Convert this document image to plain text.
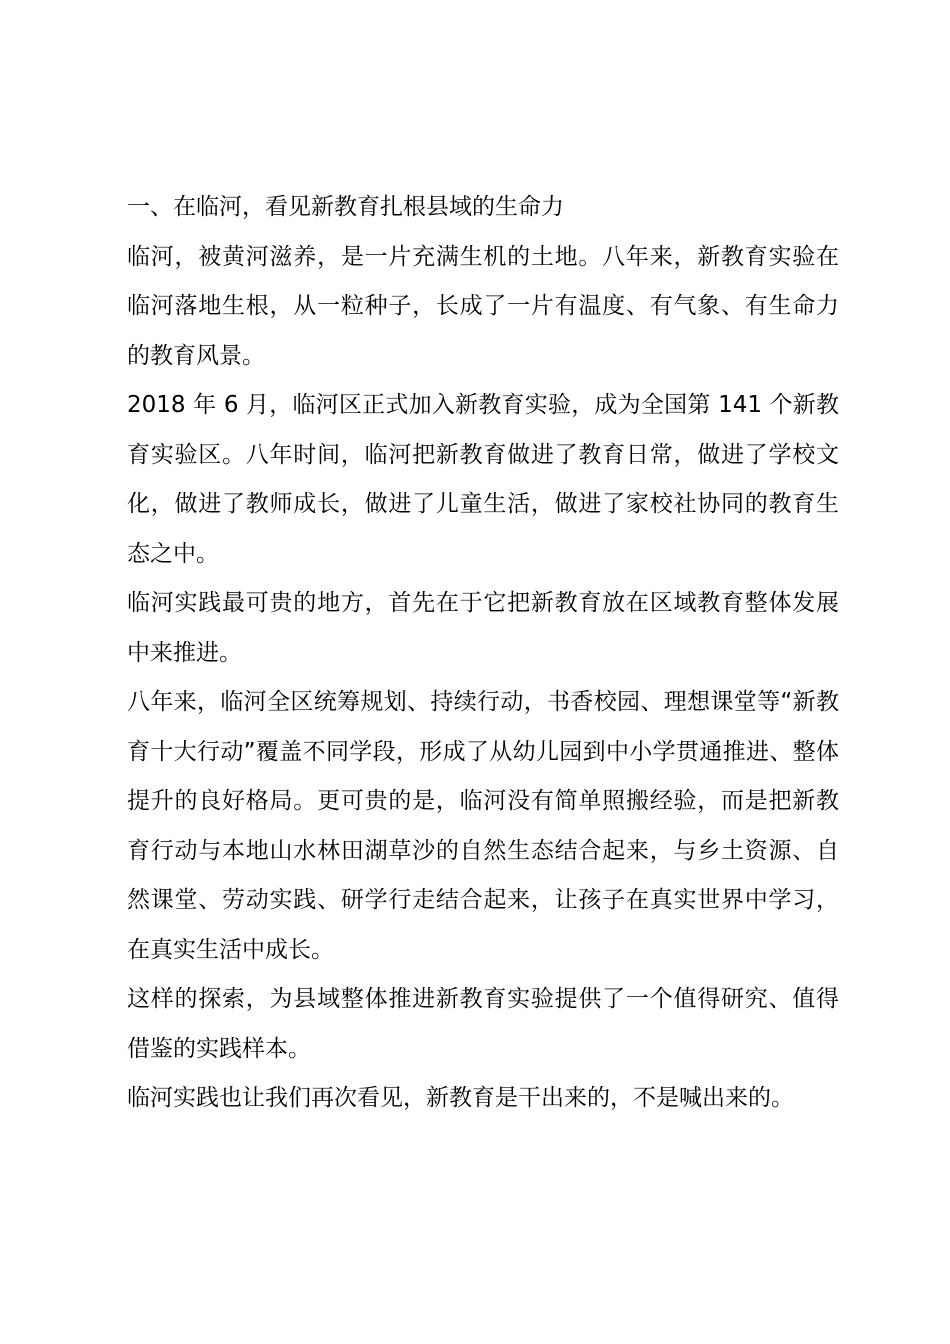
一、在临河，看见新教育扎根县域的生命力

临河，被黄河滋养，是一片充满生机的土地。八年来，新教育实验在临河落地生根，从一粒种子，长成了一片有温度、有气象、有生命力的教育风景。

2018 年 6 月，临河区正式加入新教育实验，成为全国第 141 个新教育实验区。八年时间，临河把新教育做进了教育日常，做进了学校文化，做进了教师成长，做进了儿童生活，做进了家校社协同的教育生态之中。

临河实践最可贵的地方，首先在于它把新教育放在区域教育整体发展中来推进。

八年来，临河全区统筹规划、持续行动，书香校园、理想课堂等“新教育十大行动”覆盖不同学段，形成了从幼儿园到中小学贯通推进、整体提升的良好格局。更可贵的是，临河没有简单照搬经验，而是把新教育行动与本地山水林田湖草沙的自然生态结合起来，与乡土资源、自然课堂、劳动实践、研学行走结合起来，让孩子在真实世界中学习，在真实生活中成长。

这样的探索，为县域整体推进新教育实验提供了一个值得研究、值得借鉴的实践样本。

临河实践也让我们再次看见，新教育是干出来的，不是喊出来的。
